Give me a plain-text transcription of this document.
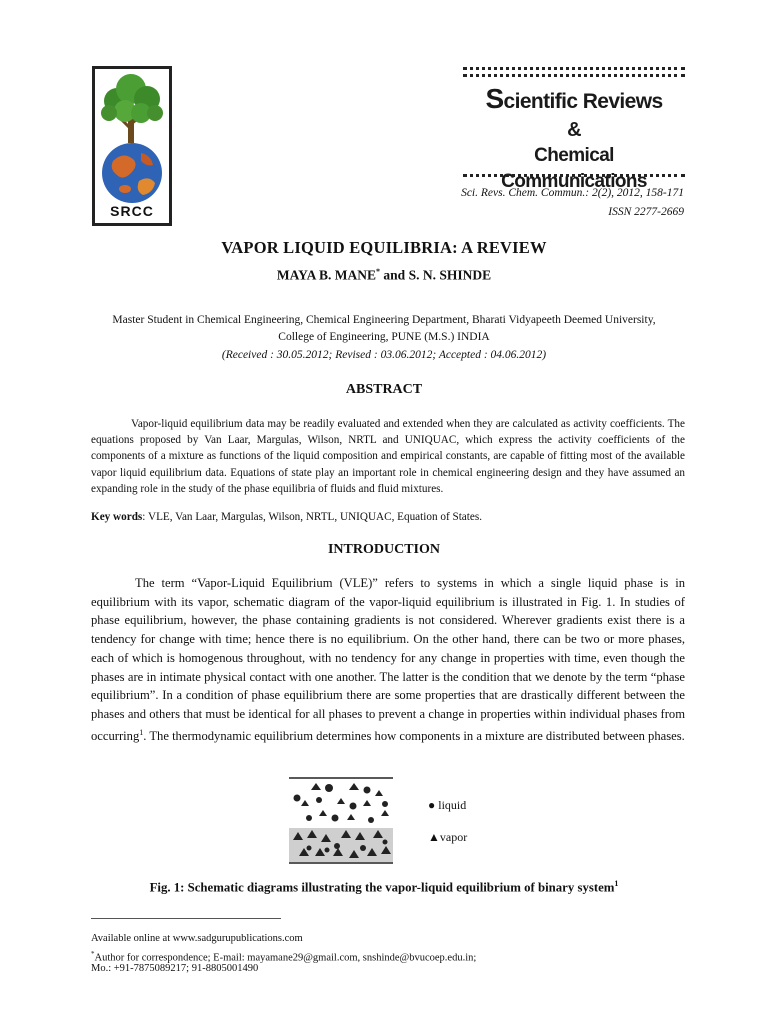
SRCC
Scientific Reviews
&
Chemical Communications
Sci. Revs. Chem. Commun.: 2(2), 2012, 158-171
ISSN 2277-2669
VAPOR LIQUID EQUILIBRIA: A REVIEW
MAYA B. MANE* and S. N. SHINDE
Master Student in Chemical Engineering, Chemical Engineering Department, Bharati Vidyapeeth Deemed University,
College of Engineering, PUNE (M.S.) INDIA
(Received : 30.05.2012; Revised : 03.06.2012; Accepted : 04.06.2012)
ABSTRACT
Vapor-liquid equilibrium data may be readily evaluated and extended when they are calculated as activity coefficients. The equations proposed by Van Laar, Margulas, Wilson, NRTL and UNIQUAC, which express the activity coefficients of the components of a mixture as functions of the liquid composition and empirical constants, are capable of fitting most of the available vapor liquid equilibrium data. Equations of state play an important role in chemical engineering design and they have assumed an expanding role in the study of the phase equilibria of fluids and fluid mixtures.
Key words: VLE, Van Laar, Margulas, Wilson, NRTL, UNIQUAC, Equation of States.
INTRODUCTION
The term “Vapor-Liquid Equilibrium (VLE)” refers to systems in which a single liquid phase is in equilibrium with its vapor, schematic diagram of the vapor-liquid equilibrium is illustrated in Fig. 1. In studies of phase equilibrium, however, the phase containing gradients is not considered. Wherever gradients exist there is a tendency for change with time; hence there is no equilibrium. On the other hand, there can be two or more phases, each of which is homogenous throughout, with no tendency for any change in properties with time, even though the phases are in intimate physical contact with one another. The latter is the condition that we denote by the term “phase equilibrium”. In a condition of phase equilibrium there are some properties that are drastically different between the phases and others that must be identical for all phases to prevent a change in properties within individual phases from occurring$^1$. The thermodynamic equilibrium determines how components in a mixture are distributed between phases.
● liquid
▲vapor
Fig. 1: Schematic diagrams illustrating the vapor-liquid equilibrium of binary system$^1$
Available online at www.sadgurupublications.com
*Author for correspondence; E-mail: mayamane29@gmail.com, snshinde@bvucoep.edu.in;
Mo.: +91-7875089217; 91-8805001490
